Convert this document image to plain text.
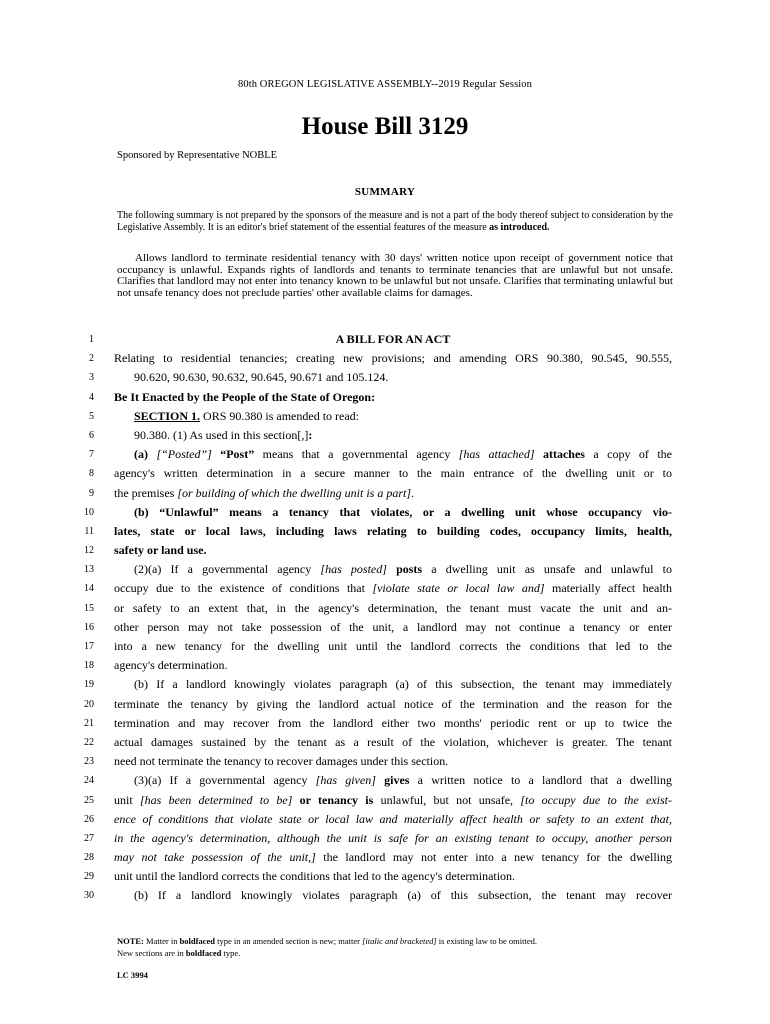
80th OREGON LEGISLATIVE ASSEMBLY--2019 Regular Session
House Bill 3129
Sponsored by Representative NOBLE
SUMMARY
The following summary is not prepared by the sponsors of the measure and is not a part of the body thereof subject to consideration by the Legislative Assembly. It is an editor's brief statement of the essential features of the measure as introduced.
Allows landlord to terminate residential tenancy with 30 days' written notice upon receipt of government notice that occupancy is unlawful. Expands rights of landlords and tenants to terminate tenancies that are unlawful but not unsafe. Clarifies that landlord may not enter into tenancy known to be unlawful but not unsafe. Clarifies that terminating unlawful but not unsafe tenancy does not preclude parties' other available claims for damages.
1	A BILL FOR AN ACT
2 Relating to residential tenancies; creating new provisions; and amending ORS 90.380, 90.545, 90.555,
3	90.620, 90.630, 90.632, 90.645, 90.671 and 105.124.
4 Be It Enacted by the People of the State of Oregon:
5	SECTION 1. ORS 90.380 is amended to read:
6	90.380. (1) As used in this section[,]:
7	(a) [“Posted”] “Post” means that a governmental agency [has attached] attaches a copy of the
8 agency's written determination in a secure manner to the main entrance of the dwelling unit or to
9 the premises [or building of which the dwelling unit is a part].
10	(b) “Unlawful” means a tenancy that violates, or a dwelling unit whose occupancy vio-
11 lates, state or local laws, including laws relating to building codes, occupancy limits, health,
12 safety or land use.
13	(2)(a) If a governmental agency [has posted] posts a dwelling unit as unsafe and unlawful to
14 occupy due to the existence of conditions that [violate state or local law and] materially affect health
15 or safety to an extent that, in the agency's determination, the tenant must vacate the unit and an-
16 other person may not take possession of the unit, a landlord may not continue a tenancy or enter
17 into a new tenancy for the dwelling unit until the landlord corrects the conditions that led to the
18 agency's determination.
19	(b) If a landlord knowingly violates paragraph (a) of this subsection, the tenant may immediately
20 terminate the tenancy by giving the landlord actual notice of the termination and the reason for the
21 termination and may recover from the landlord either two months' periodic rent or up to twice the
22 actual damages sustained by the tenant as a result of the violation, whichever is greater. The tenant
23 need not terminate the tenancy to recover damages under this section.
24	(3)(a) If a governmental agency [has given] gives a written notice to a landlord that a dwelling
25 unit [has been determined to be] or tenancy is unlawful, but not unsafe, [to occupy due to the exist-
26 ence of conditions that violate state or local law and materially affect health or safety to an extent that,
27 in the agency's determination, although the unit is safe for an existing tenant to occupy, another person
28 may not take possession of the unit,] the landlord may not enter into a new tenancy for the dwelling
29 unit until the landlord corrects the conditions that led to the agency's determination.
30	(b) If a landlord knowingly violates paragraph (a) of this subsection, the tenant may recover
NOTE: Matter in boldfaced type in an amended section is new; matter [italic and bracketed] is existing law to be omitted.
New sections are in boldfaced type.
LC 3994
